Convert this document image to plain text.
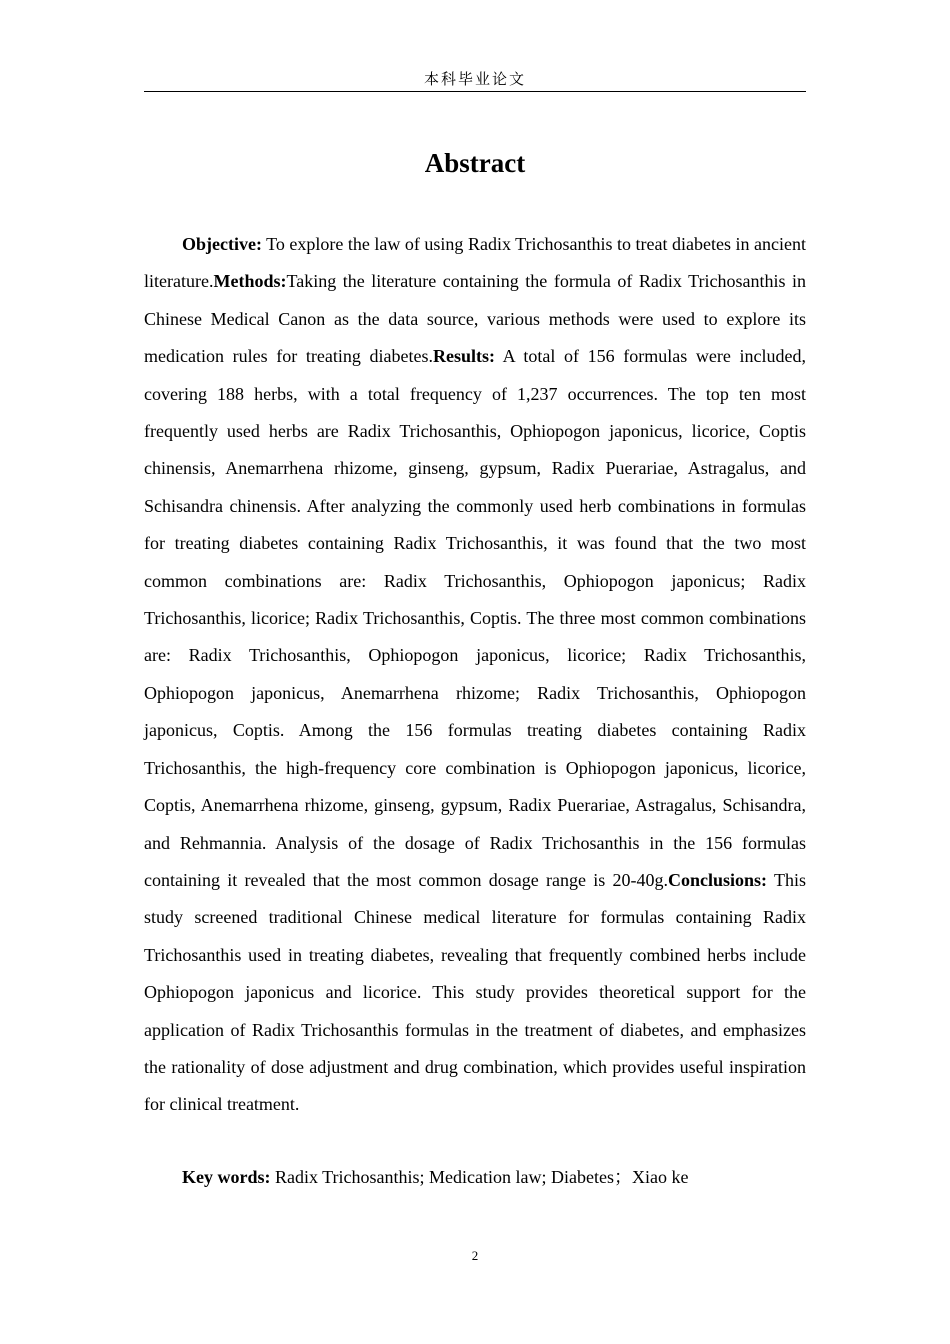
本科毕业论文
Abstract

Objective: To explore the law of using Radix Trichosanthis to treat diabetes in ancient literature.Methods:Taking the literature containing the formula of Radix Trichosanthis in Chinese Medical Canon as the data source, various methods were used to explore its medication rules for treating diabetes.Results: A total of 156 formulas were included, covering 188 herbs, with a total frequency of 1,237 occurrences. The top ten most frequently used herbs are Radix Trichosanthis, Ophiopogon japonicus, licorice, Coptis chinensis, Anemarrhena rhizome, ginseng, gypsum, Radix Puerariae, Astragalus, and Schisandra chinensis. After analyzing the commonly used herb combinations in formulas for treating diabetes containing Radix Trichosanthis, it was found that the two most common combinations are: Radix Trichosanthis, Ophiopogon japonicus; Radix Trichosanthis, licorice; Radix Trichosanthis, Coptis. The three most common combinations are: Radix Trichosanthis, Ophiopogon japonicus, licorice; Radix Trichosanthis, Ophiopogon japonicus, Anemarrhena rhizome; Radix Trichosanthis, Ophiopogon japonicus, Coptis. Among the 156 formulas treating diabetes containing Radix Trichosanthis, the high-frequency core combination is Ophiopogon japonicus, licorice, Coptis, Anemarrhena rhizome, ginseng, gypsum, Radix Puerariae, Astragalus, Schisandra, and Rehmannia. Analysis of the dosage of Radix Trichosanthis in the 156 formulas containing it revealed that the most common dosage range is 20-40g.Conclusions: This study screened traditional Chinese medical literature for formulas containing Radix Trichosanthis used in treating diabetes, revealing that frequently combined herbs include Ophiopogon japonicus and licorice. This study provides theoretical support for the application of Radix Trichosanthis formulas in the treatment of diabetes, and emphasizes the rationality of dose adjustment and drug combination, which provides useful inspiration for clinical treatment.

Key words: Radix Trichosanthis; Medication law; Diabetes；Xiao ke

2
